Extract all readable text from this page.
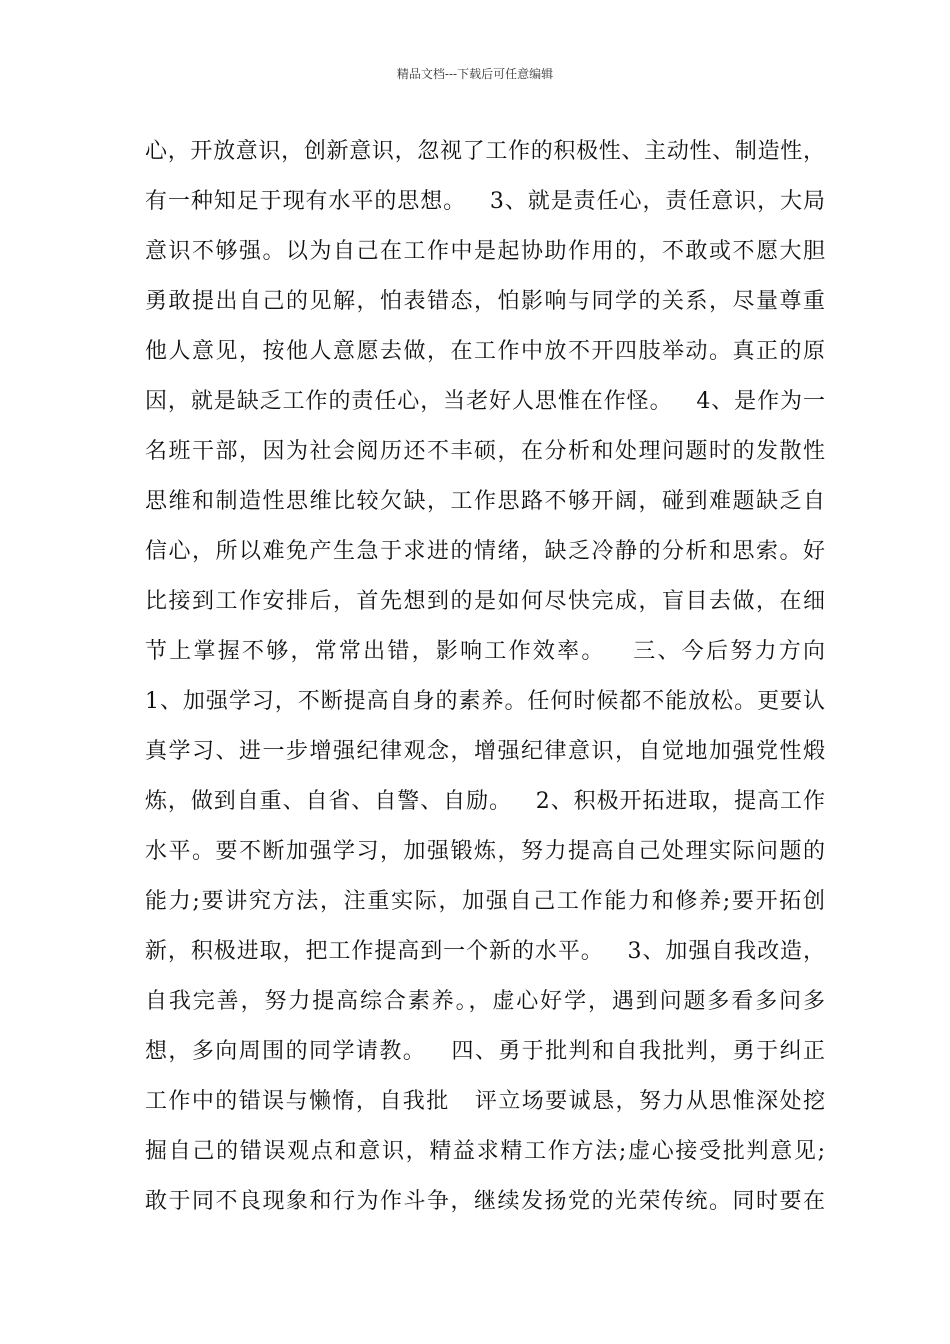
精品文档---下载后可任意编辑
心，开放意识，创新意识，忽视了工作的积极性、主动性、制造性，
有一种知足于现有水平的思想。   3、就是责任心，责任意识，大局
意识不够强。以为自己在工作中是起协助作用的，不敢或不愿大胆
勇敢提出自己的见解，怕表错态，怕影响与同学的关系，尽量尊重
他人意见，按他人意愿去做，在工作中放不开四肢举动。真正的原
因，就是缺乏工作的责任心，当老好人思惟在作怪。   4、是作为一
名班干部，因为社会阅历还不丰硕，在分析和处理问题时的发散性
思维和制造性思维比较欠缺，工作思路不够开阔，碰到难题缺乏自
信心，所以难免产生急于求进的情绪，缺乏冷静的分析和思索。好
比接到工作安排后，首先想到的是如何尽快完成，盲目去做，在细
节上掌握不够，常常出错，影响工作效率。   三、今后努力方向
1、加强学习，不断提高自身的素养。任何时候都不能放松。更要认
真学习、进一步增强纪律观念，增强纪律意识，自觉地加强党性煅
炼，做到自重、自省、自警、自励。   2、积极开拓进取，提高工作
水平。要不断加强学习，加强锻炼，努力提高自己处理实际问题的
能力;要讲究方法，注重实际，加强自己工作能力和修养;要开拓创
新，积极进取，把工作提高到一个新的水平。   3、加强自我改造，
自我完善，努力提高综合素养。，虚心好学，遇到问题多看多问多
想，多向周围的同学请教。   四、勇于批判和自我批判，勇于纠正
工作中的错误与懒惰，自我批   评立场要诚恳，努力从思惟深处挖
掘自己的错误观点和意识，精益求精工作方法;虚心接受批判意见;
敢于同不良现象和行为作斗争，继续发扬党的光荣传统。同时要在
